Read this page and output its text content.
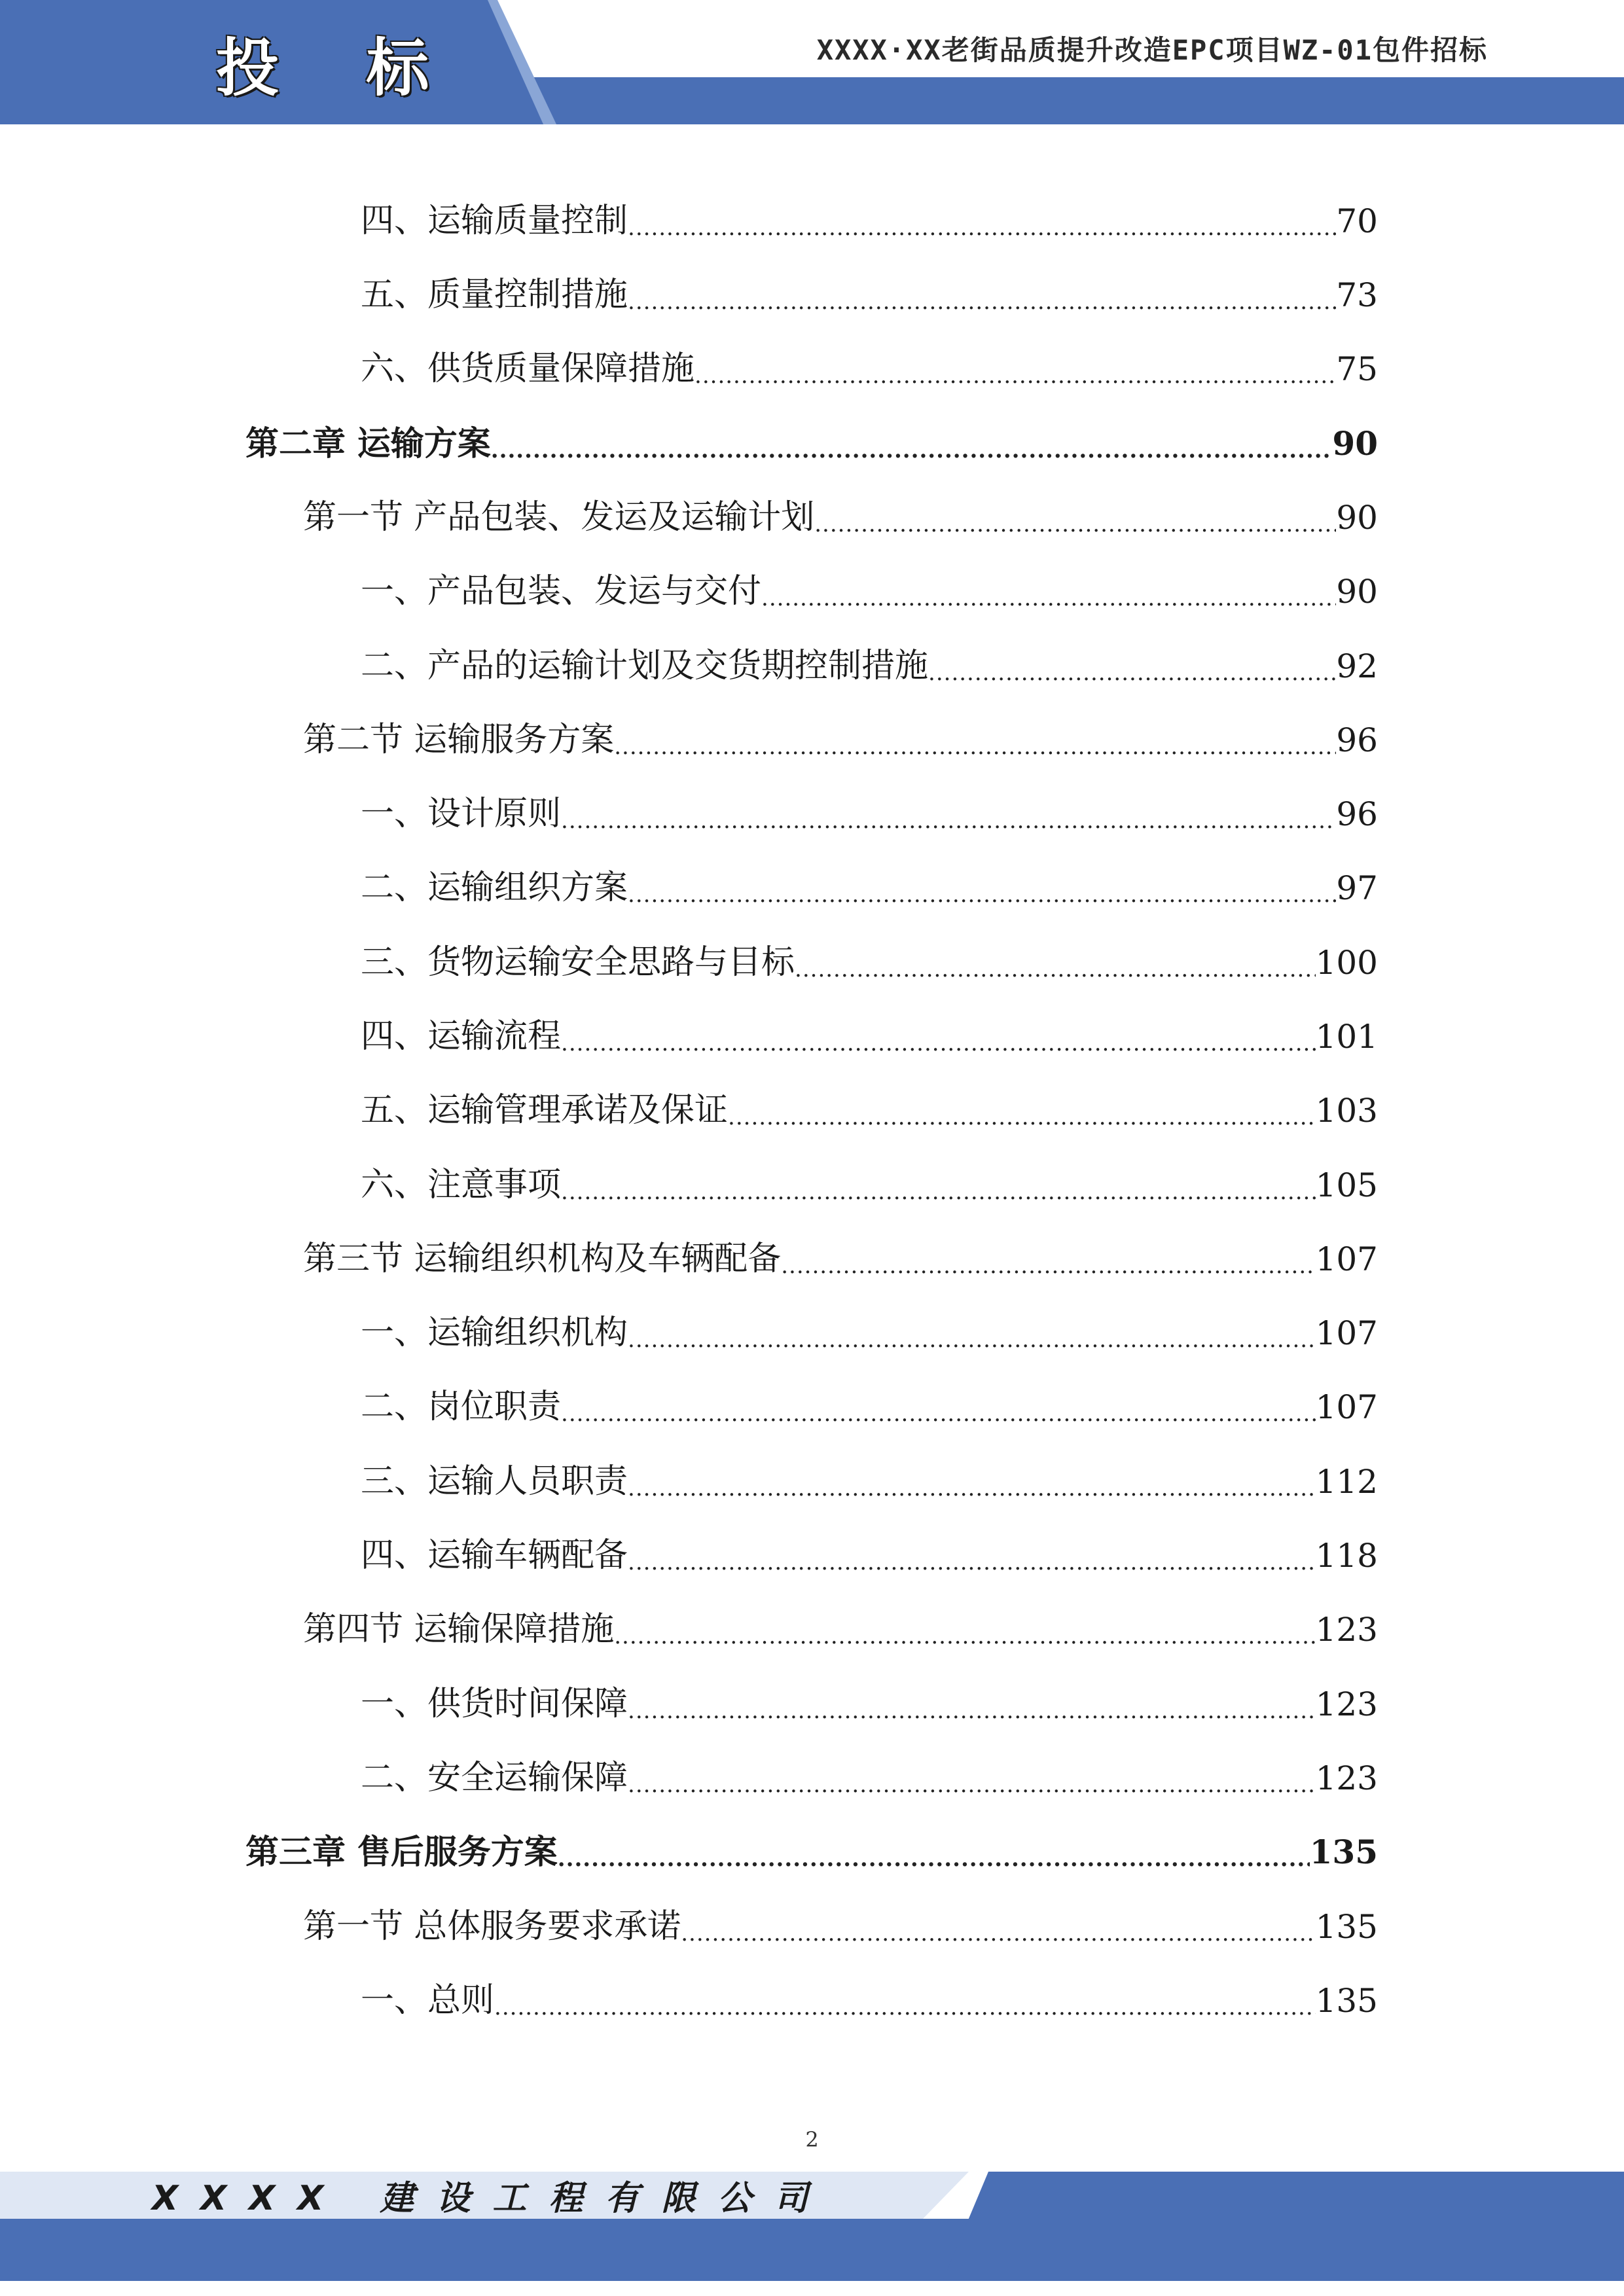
投 标	XXXX·XX老街品质提升改造EPC项目WZ-01包件招标
四、运输质量控制 .....	70
五、质量控制措施 .....	73
六、供货质量保障措施 .....	75
第二章 运输方案 .....	90
第一节 产品包装、发运及运输计划 .....	90
一、产品包装、发运与交付 .....	90
二、产品的运输计划及交货期控制措施 .....	92
第二节 运输服务方案 .....	96
一、设计原则 .....	96
二、运输组织方案 .....	97
三、货物运输安全思路与目标 .....	100
四、运输流程 .....	101
五、运输管理承诺及保证 .....	103
六、注意事项 .....	105
第三节 运输组织机构及车辆配备 .....	107
一、运输组织机构 .....	107
二、岗位职责 .....	107
三、运输人员职责 .....	112
四、运输车辆配备 .....	118
第四节 运输保障措施 .....	123
一、供货时间保障 .....	123
二、安全运输保障 .....	123
第三章 售后服务方案 .....	135
第一节 总体服务要求承诺 .....	135
一、总则 .....	135
2

XXXX 建设工程有限公司
